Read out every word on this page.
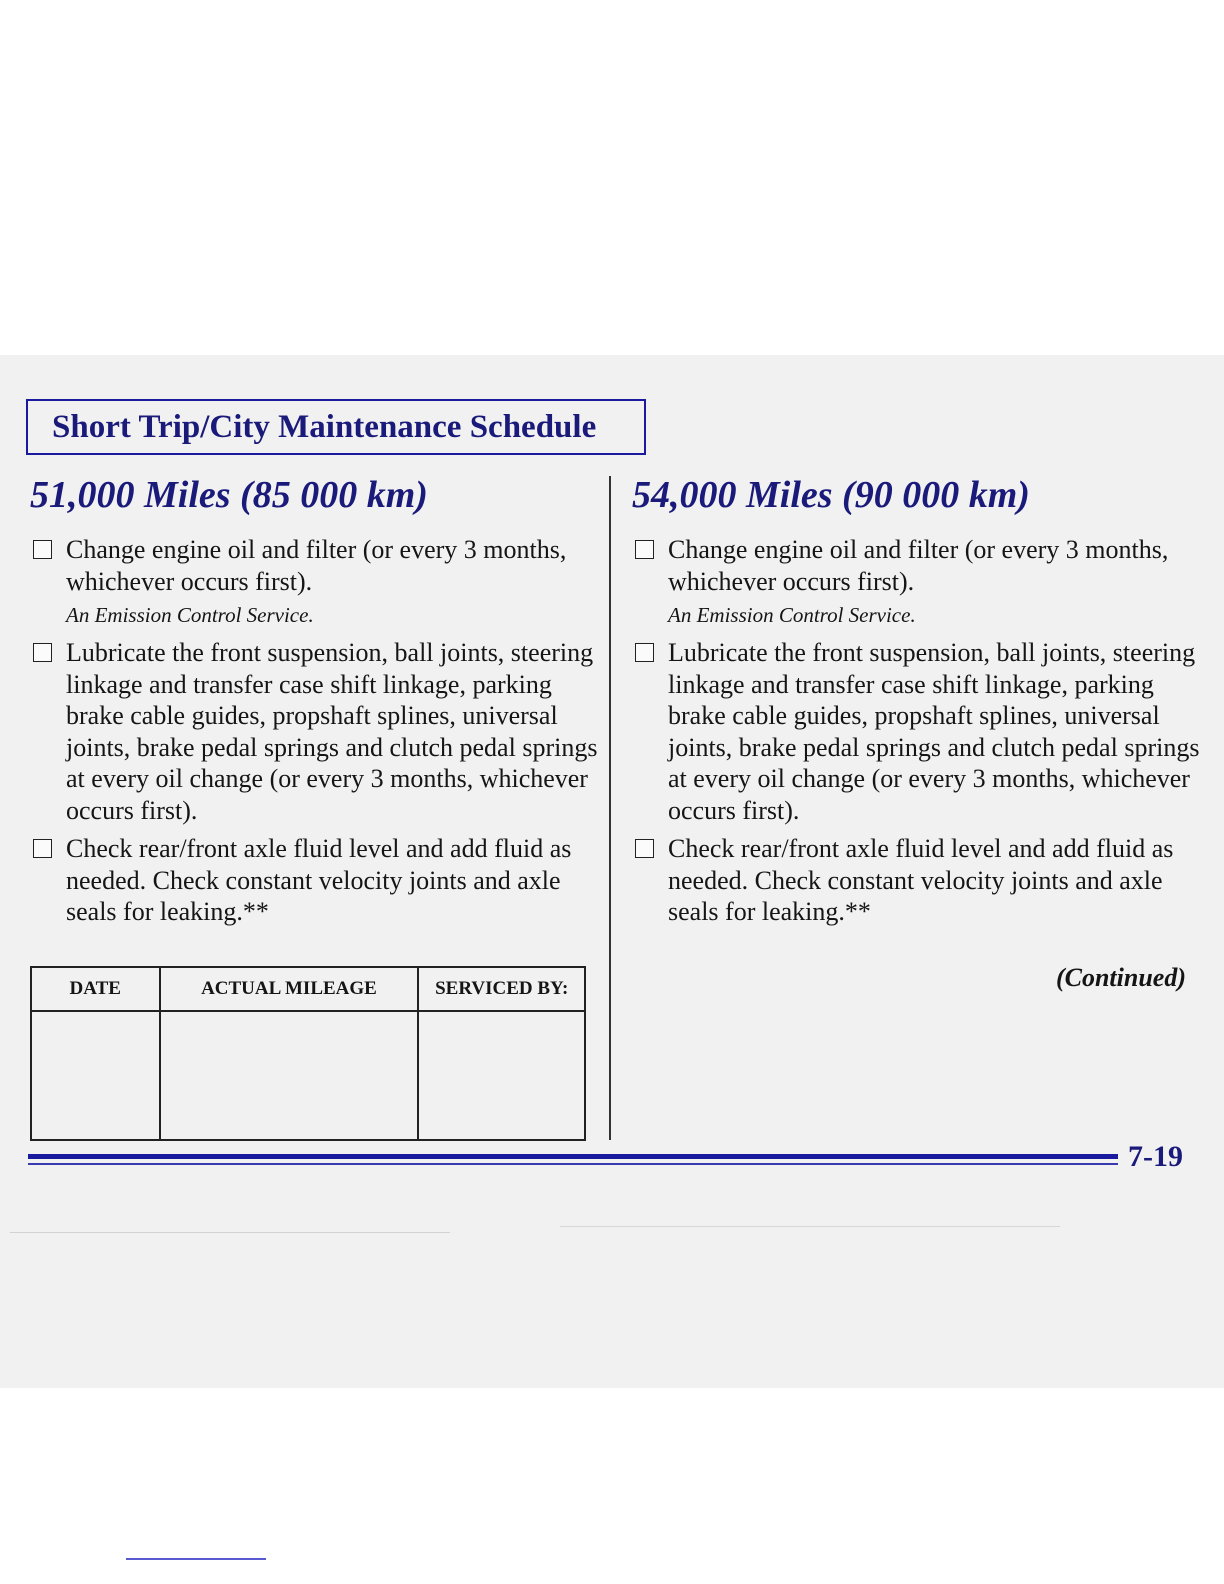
Short Trip/City Maintenance Schedule
51,000 Miles (85 000 km)
Change engine oil and filter (or every 3 months, whichever occurs first).
An Emission Control Service.
Lubricate the front suspension, ball joints, steering linkage and transfer case shift linkage, parking brake cable guides, propshaft splines, universal joints, brake pedal springs and clutch pedal springs at every oil change (or every 3 months, whichever occurs first).
Check rear/front axle fluid level and add fluid as needed. Check constant velocity joints and axle seals for leaking.**
54,000 Miles (90 000 km)
Change engine oil and filter (or every 3 months, whichever occurs first).
An Emission Control Service.
Lubricate the front suspension, ball joints, steering linkage and transfer case shift linkage, parking brake cable guides, propshaft splines, universal joints, brake pedal springs and clutch pedal springs at every oil change (or every 3 months, whichever occurs first).
Check rear/front axle fluid level and add fluid as needed. Check constant velocity joints and axle seals for leaking.**
(Continued)
DATE	ACTUAL MILEAGE	SERVICED BY:

7-19
